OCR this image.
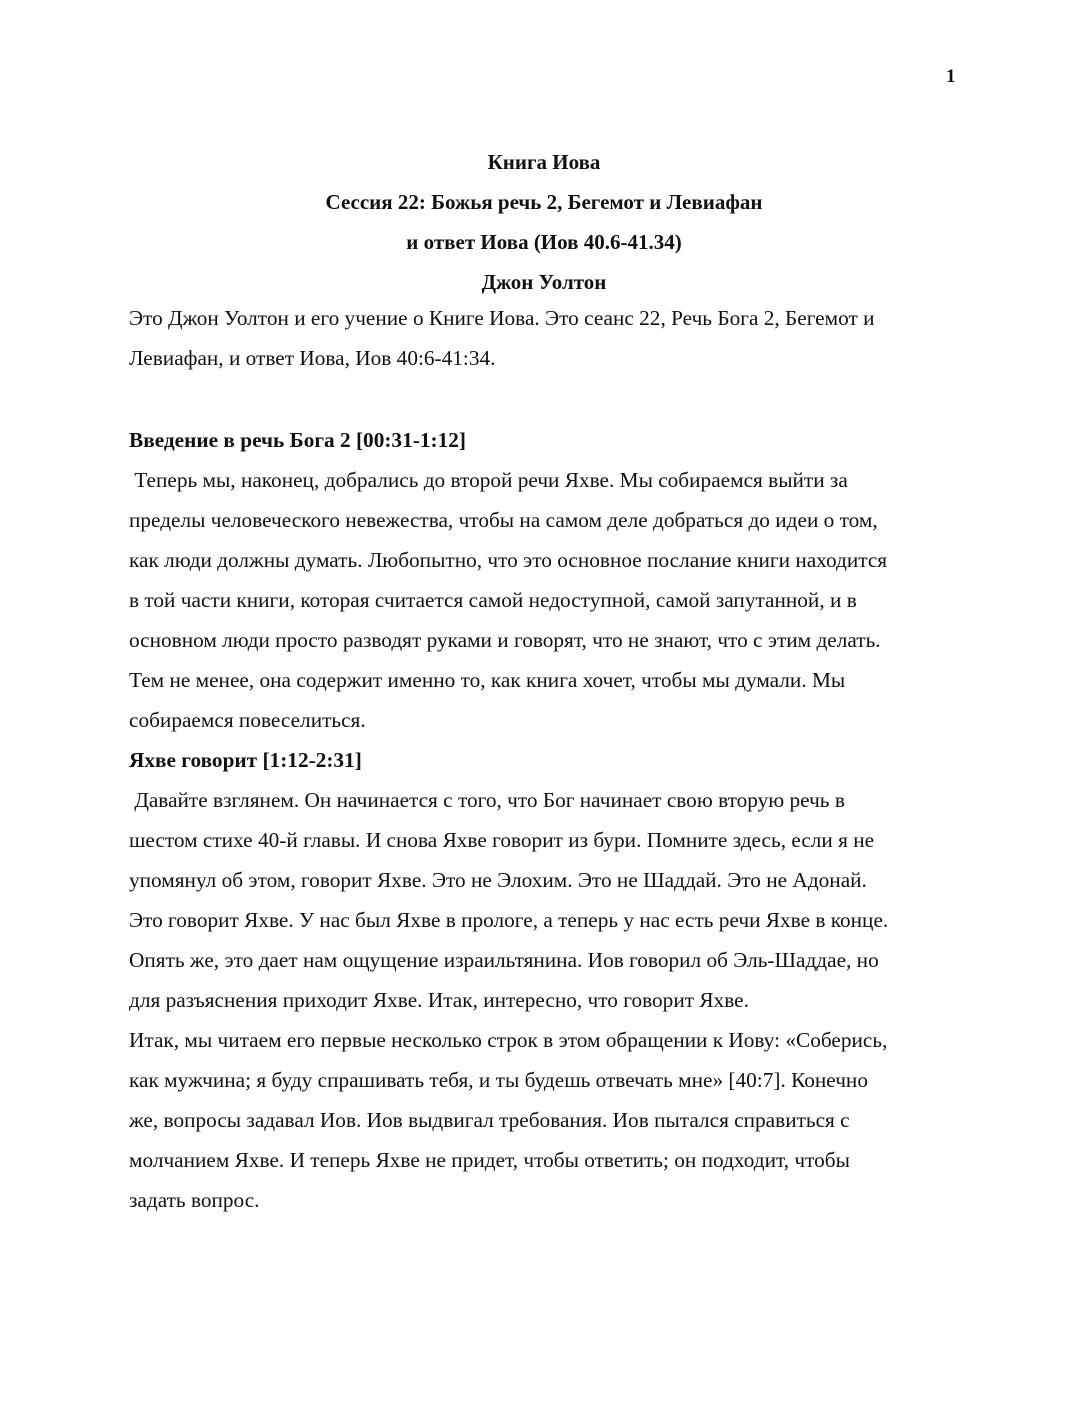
1
Книга Иова
Сессия 22: Божья речь 2, Бегемот и Левиафан
и ответ Иова (Иов 40.6-41.34)
Джон Уолтон
Это Джон Уолтон и его учение о Книге Иова. Это сеанс 22, Речь Бога 2, Бегемот и
Левиафан, и ответ Иова, Иов 40:6-41:34.
Введение в речь Бога 2 [00:31-1:12]
Теперь мы, наконец, добрались до второй речи Яхве. Мы собираемся выйти за
пределы человеческого невежества, чтобы на самом деле добраться до идеи о том,
как люди должны думать. Любопытно, что это основное послание книги находится
в той части книги, которая считается самой недоступной, самой запутанной, и в
основном люди просто разводят руками и говорят, что не знают, что с этим делать.
Тем не менее, она содержит именно то, как книга хочет, чтобы мы думали. Мы
собираемся повеселиться.
Яхве говорит [1:12-2:31]
Давайте взглянем. Он начинается с того, что Бог начинает свою вторую речь в
шестом стихе 40-й главы. И снова Яхве говорит из бури. Помните здесь, если я не
упомянул об этом, говорит Яхве. Это не Элохим. Это не Шаддай. Это не Адонай.
Это говорит Яхве. У нас был Яхве в прологе, а теперь у нас есть речи Яхве в конце.
Опять же, это дает нам ощущение израильтянина. Иов говорил об Эль-Шаддае, но
для разъяснения приходит Яхве. Итак, интересно, что говорит Яхве.
Итак, мы читаем его первые несколько строк в этом обращении к Иову: «Соберись,
как мужчина; я буду спрашивать тебя, и ты будешь отвечать мне» [40:7]. Конечно
же, вопросы задавал Иов. Иов выдвигал требования. Иов пытался справиться с
молчанием Яхве. И теперь Яхве не придет, чтобы ответить; он подходит, чтобы
задать вопрос.
